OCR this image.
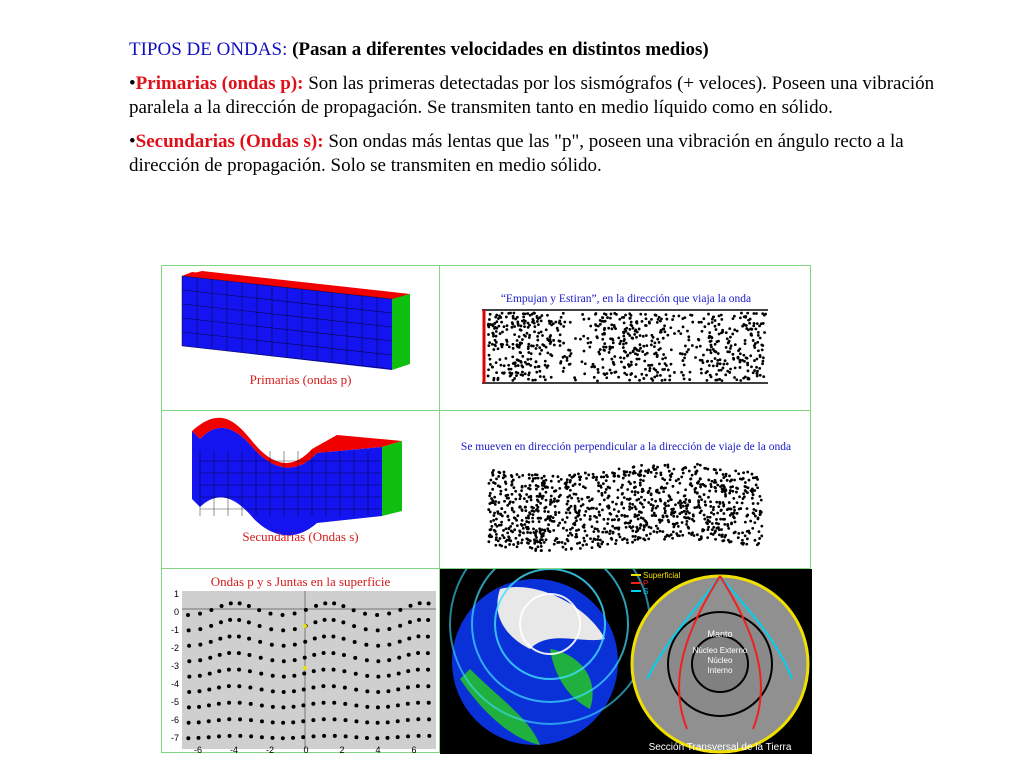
TIPOS DE ONDAS: (Pasan a diferentes velocidades en distintos medios)

•Primarias (ondas p): Son las primeras detectadas por los sismógrafos (+ veloces). Poseen una vibración paralela a la dirección de propagación. Se transmiten tanto en medio líquido como en sólido.

•Secundarias (Ondas s): Son ondas más lentas que las "p", poseen una vibración en ángulo recto a la dirección de propagación. Solo se transmiten en medio sólido.

Primarias (ondas p)
“Empujan y Estiran”, en la dirección que viaja la onda
Secundarias (Ondas s)
Se mueven en dirección perpendicular a la dirección de viaje de la onda
Ondas p y s Juntas en la superficie
1
0
-1
-2
-3
-4
-5
-6
-7
-6	-4	-2	0	2	4	6
Superficial
P
S
Manto
Núcleo Externo
Núcleo
Interno
Sección Transversal de la Tierra
